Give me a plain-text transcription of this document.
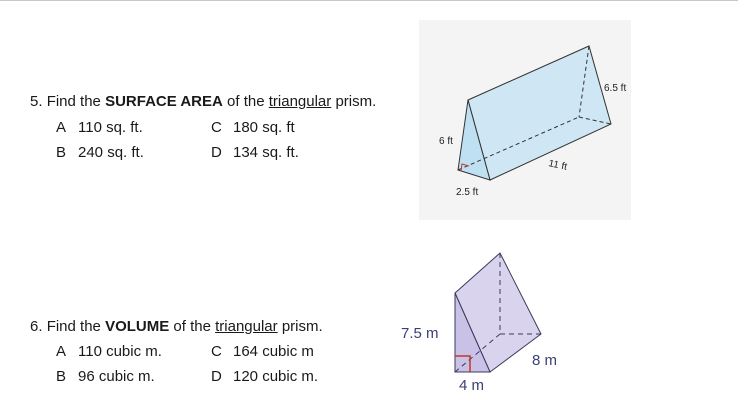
5. Find the SURFACE AREA of the triangular prism.
A 110 sq. ft.	C 180 sq. ft
B 240 sq. ft.	D 134 sq. ft.
6. Find the VOLUME of the triangular prism.
A 110 cubic m.	C 164 cubic m
B 96 cubic m.	D 120 cubic m.
6 ft
6.5 ft
11 ft
2.5 ft
7.5 m
8 m
4 m
